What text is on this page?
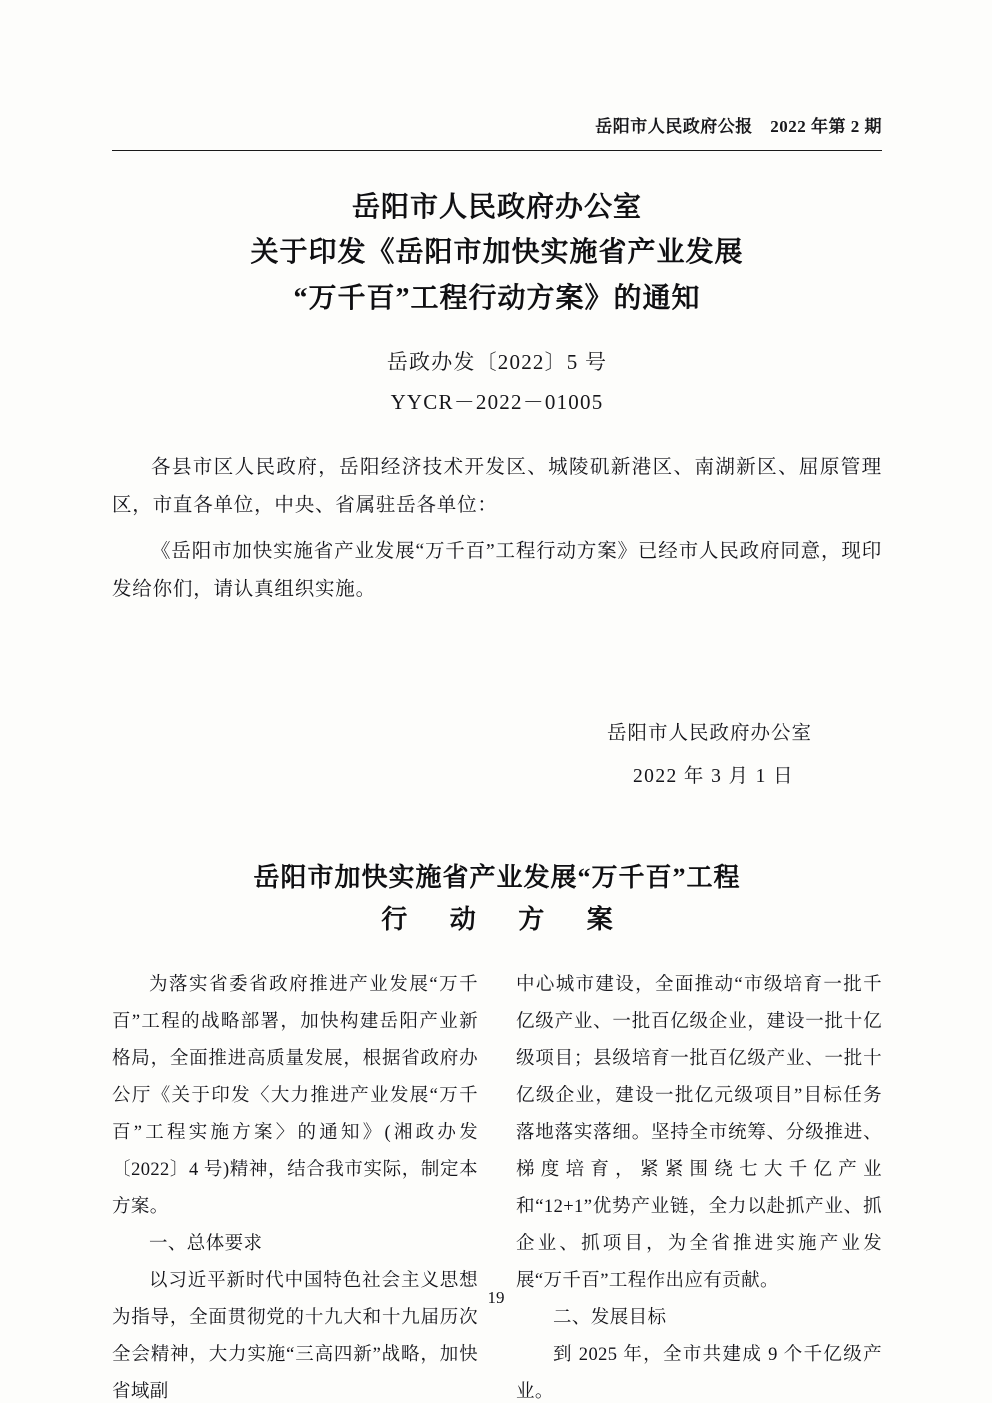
岳阳市人民政府公报　2022 年第 2 期
岳阳市人民政府办公室
关于印发《岳阳市加快实施省产业发展
“万千百”工程行动方案》的通知
岳政办发〔2022〕5 号
YYCR－2022－01005

各县市区人民政府，岳阳经济技术开发区、城陵矶新港区、南湖新区、屈原管理区，市直各单位，中央、省属驻岳各单位：

《岳阳市加快实施省产业发展“万千百”工程行动方案》已经市人民政府同意，现印发给你们，请认真组织实施。

岳阳市人民政府办公室
2022 年 3 月 1 日
岳阳市加快实施省产业发展“万千百”工程
行 动 方 案

为落实省委省政府推进产业发展“万千百”工程的战略部署，加快构建岳阳产业新格局，全面推进高质量发展，根据省政府办公厅《关于印发〈大力推进产业发展“万千百”工程实施方案〉的通知》(湘政办发〔2022〕4 号)精神，结合我市实际，制定本方案。

一、总体要求

以习近平新时代中国特色社会主义思想为指导，全面贯彻党的十九大和十九届历次全会精神，大力实施“三高四新”战略，加快省域副

中心城市建设，全面推动“市级培育一批千亿级产业、一批百亿级企业，建设一批十亿级项目；县级培育一批百亿级产业、一批十亿级企业，建设一批亿元级项目”目标任务落地落实落细。坚持全市统筹、分级推进、梯度培育，紧紧围绕七大千亿产业和“12+1”优势产业链，全力以赴抓产业、抓企业、抓项目，为全省推进实施产业发展“万千百”工程作出应有贡献。

二、发展目标

到 2025 年，全市共建成 9 个千亿级产业。

19
